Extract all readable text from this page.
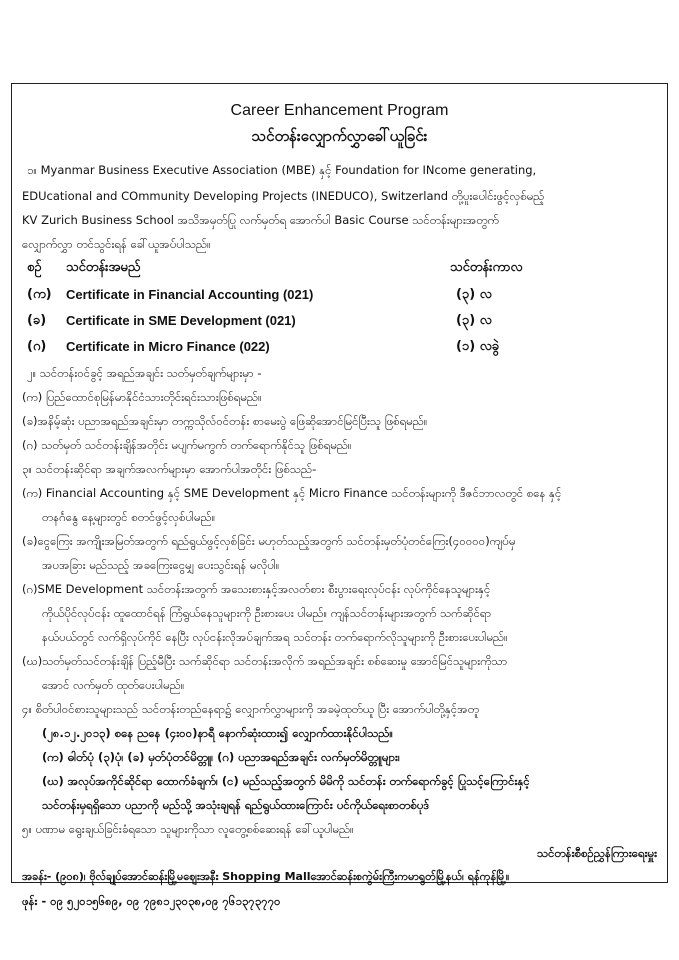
Career Enhancement Program
သင်တန်းလျှောက်လွှာခေါ်ယူခြင်း
၁။ Myanmar Business Executive Association (MBE) နှင့် Foundation for INcome generating,
EDUcational and COmmunity Developing Projects (INEDUCO), Switzerland တို့ပူးပေါင်းဖွင့်လှစ်မည့်
KV Zurich Business School အသိအမှတ်ပြု လက်မှတ်ရ အောက်ပါ Basic Course သင်တန်းများအတွက်
လျှောက်လွှာ တင်သွင်းရန် ခေါ်ယူအပ်ပါသည်။
စဉ် သင်တန်းအမည်	သင်တန်းကာလ
(က) Certificate in Financial Accounting (021)	(၃) လ
(ခ) Certificate in SME Development (021)	(၃) လ
(ဂ) Certificate in Micro Finance (022)	(၁) လခွဲ
၂။ သင်တန်းဝင်ခွင့် အရည်အချင်း သတ်မှတ်ချက်များမှာ -
(က) ပြည်ထောင်စုမြန်မာနိုင်ငံသားတိုင်းရင်းသားဖြစ်ရမည်။
(ခ)အနိမ့်ဆုံး ပညာအရည်အချင်းမှာ တက္ကသိုလ်ဝင်တန်း စာမေးပွဲ ဖြေဆိုအောင်မြင်ပြီးသူ ဖြစ်ရမည်။
(ဂ) သတ်မှတ် သင်တန်းချိန်အတိုင်း မပျက်မကွက် တက်ရောက်နိုင်သူ ဖြစ်ရမည်။
၃။ သင်တန်းဆိုင်ရာ အချက်အလက်များမှာ အောက်ပါအတိုင်း ဖြစ်သည်-
(က) Financial Accounting နှင့် SME Development နှင့် Micro Finance သင်တန်းများကို ဒီဇင်ဘာလတွင် စနေ နှင့်
တနင်္ဂနွေ နေ့များတွင် စတင်ဖွင့်လှစ်ပါမည်။
(ခ)ငွေကြေး အကျိုးအမြတ်အတွက် ရည်ရွယ်ဖွင့်လှစ်ခြင်း မဟုတ်သည့်အတွက် သင်တန်းမှတ်ပုံတင်ကြေး(၄၀၀၀၀)ကျပ်မှ
အပအခြား မည်သည့် အခကြေးငွေမျှ ပေးသွင်းရန် မလိုပါ။
(ဂ)SME Development သင်တန်းအတွက် အသေးစားနှင့်အလတ်စား စီးပွားရေးလုပ်ငန်း လုပ်ကိုင်နေသူများနှင့်
ကိုယ်ပိုင်လုပ်ငန်း ထူထောင်ရန် ကြံရွယ်နေသူများကို ဦးစားပေး ပါမည်။ ကျန်သင်တန်းများအတွက် သက်ဆိုင်ရာ
နယ်ပယ်တွင် လက်ရှိလုပ်ကိုင် နေပြီး လုပ်ငန်းလိုအပ်ချက်အရ သင်တန်း တက်ရောက်လိုသူများကို ဦးစားပေးပါမည်။
(ဃ)သတ်မှတ်သင်တန်းချိန် ပြည့်မီပြီး သက်ဆိုင်ရာ သင်တန်းအလိုက် အရည်အချင်း စစ်ဆေးမှု အောင်မြင်သူများကိုသာ
အောင် လက်မှတ် ထုတ်ပေးပါမည်။
၄။ စိတ်ပါဝင်စားသူများသည် သင်တန်းတည်နေရာ၌ လျှောက်လွှာများကို အခမဲ့ထုတ်ယူ ပြီး အောက်ပါတို့နှင့်အတူ
(၂၈.၁၂.၂၀၁၃) စနေ ညနေ (၄း၀၀)နာရီ နောက်ဆုံးထား၍ လျှောက်ထားနိုင်ပါသည်။
(က) ဓါတ်ပုံ (၃)ပုံ၊ (ခ) မှတ်ပုံတင်မိတ္တူ၊ (ဂ) ပညာအရည်အချင်း လက်မှတ်မိတ္တူများ၊
(ဃ) အလုပ်အကိုင်ဆိုင်ရာ ထောက်ခံချက်၊ (င) မည်သည့်အတွက် မိမိကို သင်တန်း တက်ရောက်ခွင့် ပြုသင့်ကြောင်းနှင့်
သင်တန်းမှရရှိသော ပညာကို မည်သို့ အသုံးချရန် ရည်ရွယ်ထားကြောင်း ပင်ကိုယ်ရေးစာတစ်ပုဒ်
၅။ ပဏာမ ရွေးချယ်ခြင်းခံရသော သူများကိုသာ လူတွေ့စစ်ဆေးရန် ခေါ်ယူပါမည်။
သင်တန်းစီစဉ်ညွှန်ကြားရေးမှူး
အခန်း- (၉၀၈)၊ ဗိုလ်ချုပ်အောင်ဆန်းမြို့မဈေးအနီး Shopping Mallအောင်ဆန်းစကွဲမ်းကြီးကမာရွတ်မြို့နယ်၊ ရန်ကုန်မြို့။
ဖုန်း - ၀၉ ၅၂၀၁၅၆၈၉, ၀၉ ၇၉၈၁၂၃၀၃၈,၀၉ ၇၆၁၃၇၃၇၇၀
